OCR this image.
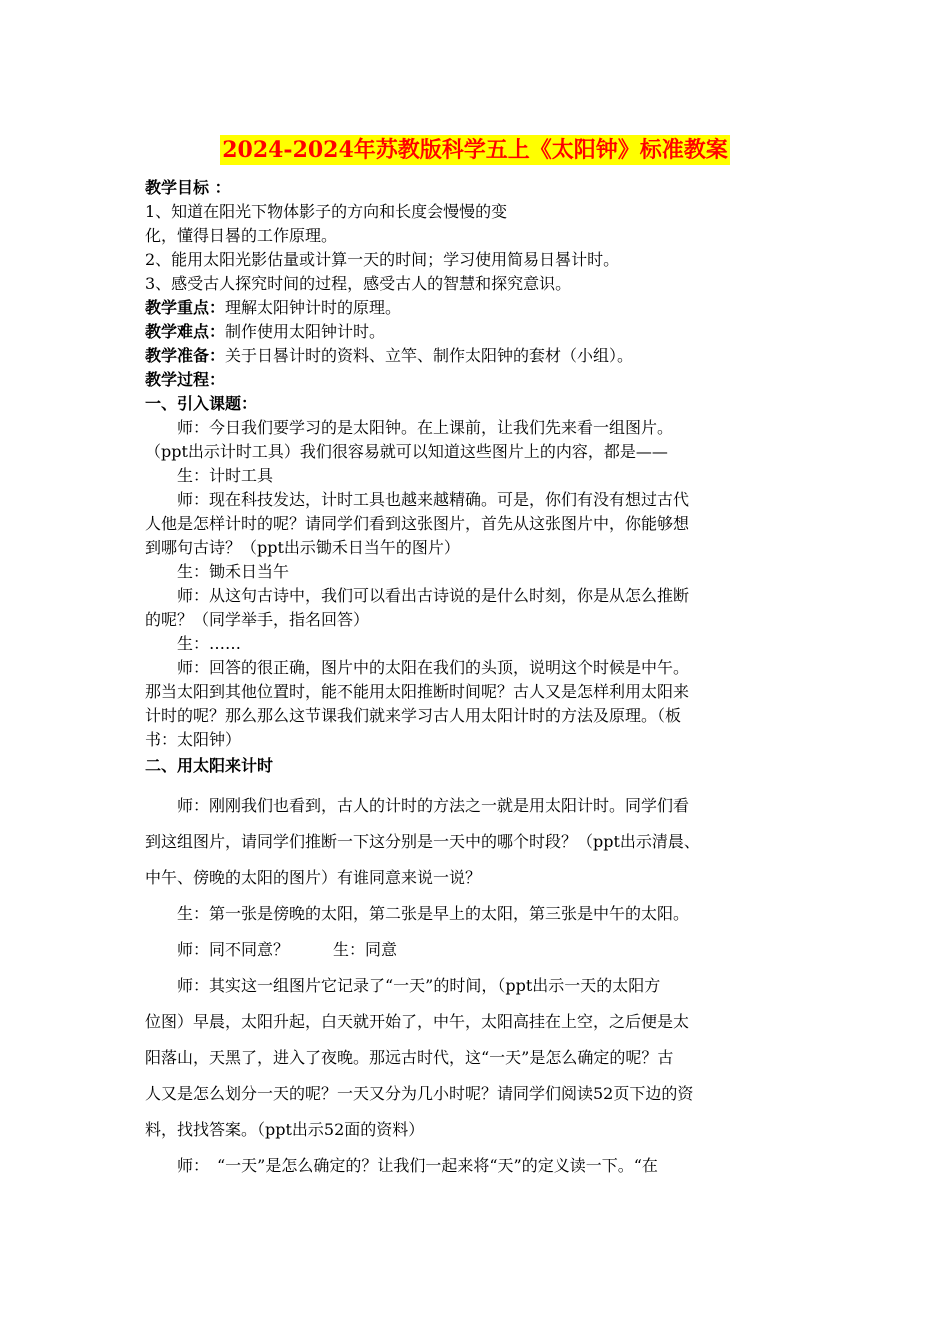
2024-2024年苏教版科学五上《太阳钟》标准教案
教学目标 ：
1、知道在阳光下物体影子的方向和长度会慢慢的变
化，懂得日晷的工作原理。
2、能用太阳光影估量或计算一天的时间；学习使用简易日晷计时。
3、感受古人探究时间的过程，感受古人的智慧和探究意识。
教学重点：理解太阳钟计时的原理。
教学难点：制作使用太阳钟计时。
教学准备：关于日晷计时的资料、立竿、制作太阳钟的套材（小组）。
教学过程：
一、引入课题：
师：今日我们要学习的是太阳钟。在上课前，让我们先来看一组图片。
（ppt出示计时工具）我们很容易就可以知道这些图片上的内容，都是——
生：计时工具
师：现在科技发达，计时工具也越来越精确。可是，你们有没有想过古代
人他是怎样计时的呢？请同学们看到这张图片，首先从这张图片中，你能够想
到哪句古诗？（ppt出示锄禾日当午的图片）
生：锄禾日当午
师：从这句古诗中，我们可以看出古诗说的是什么时刻，你是从怎么推断
的呢？（同学举手，指名回答）
生：……
师：回答的很正确，图片中的太阳在我们的头顶，说明这个时候是中午。
那当太阳到其他位置时，能不能用太阳推断时间呢？古人又是怎样利用太阳来
计时的呢？那么那么这节课我们就来学习古人用太阳计时的方法及原理。（板
书：太阳钟）
二、用太阳来计时
师：刚刚我们也看到，古人的计时的方法之一就是用太阳计时。同学们看
到这组图片，请同学们推断一下这分别是一天中的哪个时段？（ppt出示清晨、
中午、傍晚的太阳的图片）有谁同意来说一说？
生：第一张是傍晚的太阳，第二张是早上的太阳，第三张是中午的太阳。
师：同不同意？	生：同意
师：其实这一组图片它记录了“一天”的时间，（ppt出示一天的太阳方
位图）早晨，太阳升起，白天就开始了，中午，太阳高挂在上空，之后便是太
阳落山，天黑了，进入了夜晚。那远古时代，这“一天”是怎么确定的呢？古
人又是怎么划分一天的呢？一天又分为几小时呢？请同学们阅读52页下边的资
料，找找答案。（ppt出示52面的资料）
师：　“一天”是怎么确定的？让我们一起来将“天”的定义读一下。“在
